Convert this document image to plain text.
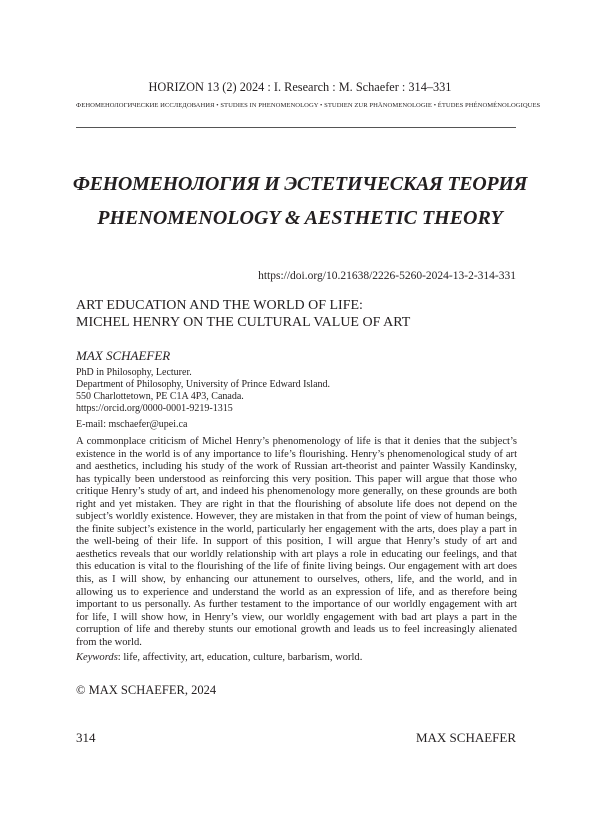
HORIZON 13 (2) 2024 : I. Research : M. Schaefer : 314–331
ФЕНОМЕНОЛОГИЧЕСКИЕ ИССЛЕДОВАНИЯ • STUDIES IN PHENOMENOLOGY • STUDIEN ZUR PHÄNOMENOLOGIE • ÉTUDES PHÉNOMÉNOLOGIQUES
ФЕНОМЕНОЛОГИЯ И ЭСТЕТИЧЕСКАЯ ТЕОРИЯ
PHENOMENOLOGY & AESTHETIC THEORY
https://doi.org/10.21638/2226-5260-2024-13-2-314-331
ART EDUCATION AND THE WORLD OF LIFE:
MICHEL HENRY ON THE CULTURAL VALUE OF ART
MAX SCHAEFER
PhD in Philosophy, Lecturer.
Department of Philosophy, University of Prince Edward Island.
550 Charlottetown, PE C1A 4P3, Canada.
https://orcid.org/0000-0001-9219-1315
E-mail: mschaefer@upei.ca
A commonplace criticism of Michel Henry’s phenomenology of life is that it denies that the subject’s existence in the world is of any importance to life’s flourishing. Henry’s phenomenological study of art and aesthetics, including his study of the work of Russian art-theorist and painter Wassily Kandinsky, has typically been understood as reinforcing this very position. This paper will argue that those who critique Henry’s study of art, and indeed his phenomenology more generally, on these grounds are both right and yet mistaken. They are right in that the flourishing of absolute life does not depend on the subject’s worldly existence. However, they are mistaken in that from the point of view of human beings, the finite subject’s existence in the world, particularly her engagement with the arts, does play a part in the well-being of their life. In support of this position, I will argue that Henry’s study of art and aesthetics reveals that our worldly relationship with art plays a role in educating our feelings, and that this education is vital to the flourishing of the life of finite living beings. Our engagement with art does this, as I will show, by enhancing our attunement to ourselves, others, life, and the world, and in allowing us to experience and understand the world as an expression of life, and as therefore being important to us personally. As further testament to the importance of our worldly engagement with art for life, I will show how, in Henry’s view, our worldly engagement with bad art plays a part in the corruption of life and thereby stunts our emotional growth and leads us to feel increasingly alienated from the world.
Keywords: life, affectivity, art, education, culture, barbarism, world.
© MAX SCHAEFER, 2024
314	MAX SCHAEFER
